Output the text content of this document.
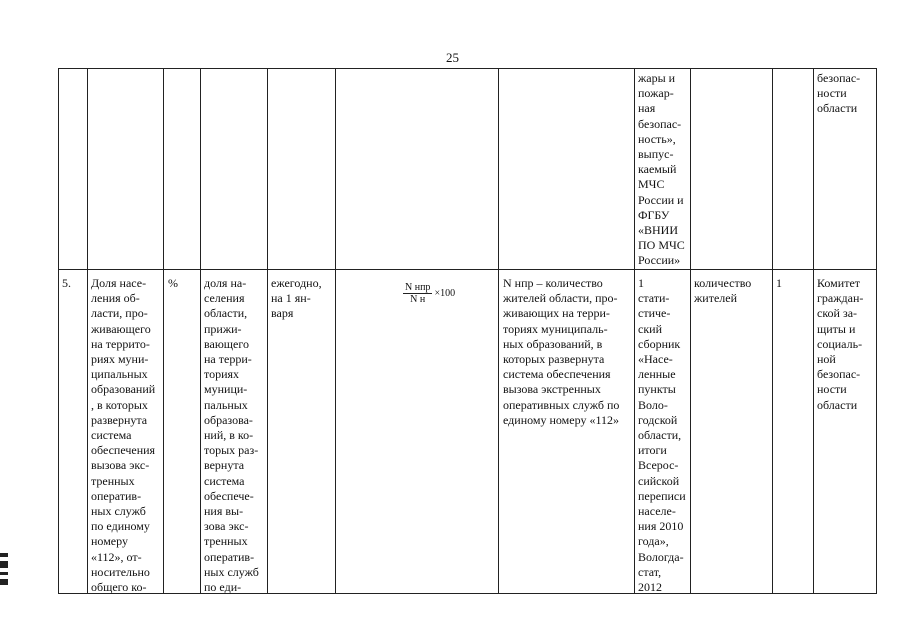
25
жары и
пожар-
ная
безопас-
ность»,
выпус-
каемый
МЧС
России и
ФГБУ
«ВНИИ
ПО МЧС
России»
безопас-
ности
области
5. Доля насе-
ления об-
ласти, про-
живающего
на террито-
риях муни-
ципальных
образований
, в которых
развернута
система
обеспечения
вызова экс-
тренных
оператив-
ных служб
по единому
номеру
«112», от-
носительно
общего ко-
% доля на-
селения
области,
прижи-
вающего
на терри-
ториях
муници-
пальных
образова-
ний, в ко-
торых раз-
вернута
система
обеспече-
ния вы-
зова экс-
тренных
оператив-
ных служб
по еди-
ежегодно,
на 1 ян-
варя
$\frac{\text{N нпр}}{\text{N н}} \times 100$
N нпр – количество
жителей области, про-
живающих на терри-
ториях муниципаль-
ных образований, в
которых развернута
система обеспечения
вызова экстренных
оперативных служб по
единому номеру «112»
1
стати-
стиче-
ский
сборник
«Насе-
ленные
пункты
Воло-
годской
области,
итоги
Всерос-
сийской
переписи
населе-
ния 2010
года»,
Вологда-
стат,
2012
количество
жителей
1	Комитет
граждан-
ской за-
щиты и
социаль-
ной
безопас-
ности
области
